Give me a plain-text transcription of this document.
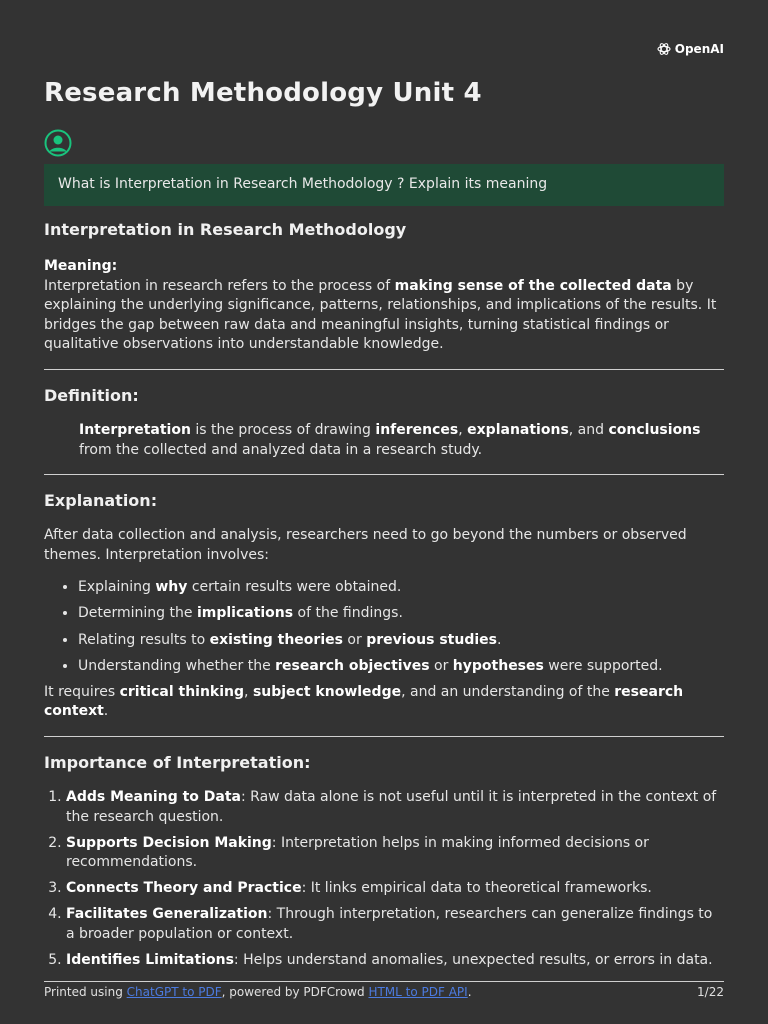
OpenAI
Research Methodology Unit 4
What is Interpretation in Research Methodology ? Explain its meaning
Interpretation in Research Methodology

Meaning:
Interpretation in research refers to the process of making sense of the collected data by explaining the underlying significance, patterns, relationships, and implications of the results. It bridges the gap between raw data and meaningful insights, turning statistical findings or qualitative observations into understandable knowledge.

Definition:

Interpretation is the process of drawing inferences, explanations, and conclusions from the collected and analyzed data in a research study.

Explanation:

After data collection and analysis, researchers need to go beyond the numbers or observed themes. Interpretation involves:

• Explaining why certain results were obtained.
• Determining the implications of the findings.
• Relating results to existing theories or previous studies.
• Understanding whether the research objectives or hypotheses were supported.

It requires critical thinking, subject knowledge, and an understanding of the research context.

Importance of Interpretation:
1. Adds Meaning to Data: Raw data alone is not useful until it is interpreted in the context of the research question.
2. Supports Decision Making: Interpretation helps in making informed decisions or recommendations.
3. Connects Theory and Practice: It links empirical data to theoretical frameworks.
4. Facilitates Generalization: Through interpretation, researchers can generalize findings to a broader population or context.
5. Identifies Limitations: Helps understand anomalies, unexpected results, or errors in data.
Printed using ChatGPT to PDF, powered by PDFCrowd HTML to PDF API.	1/22
